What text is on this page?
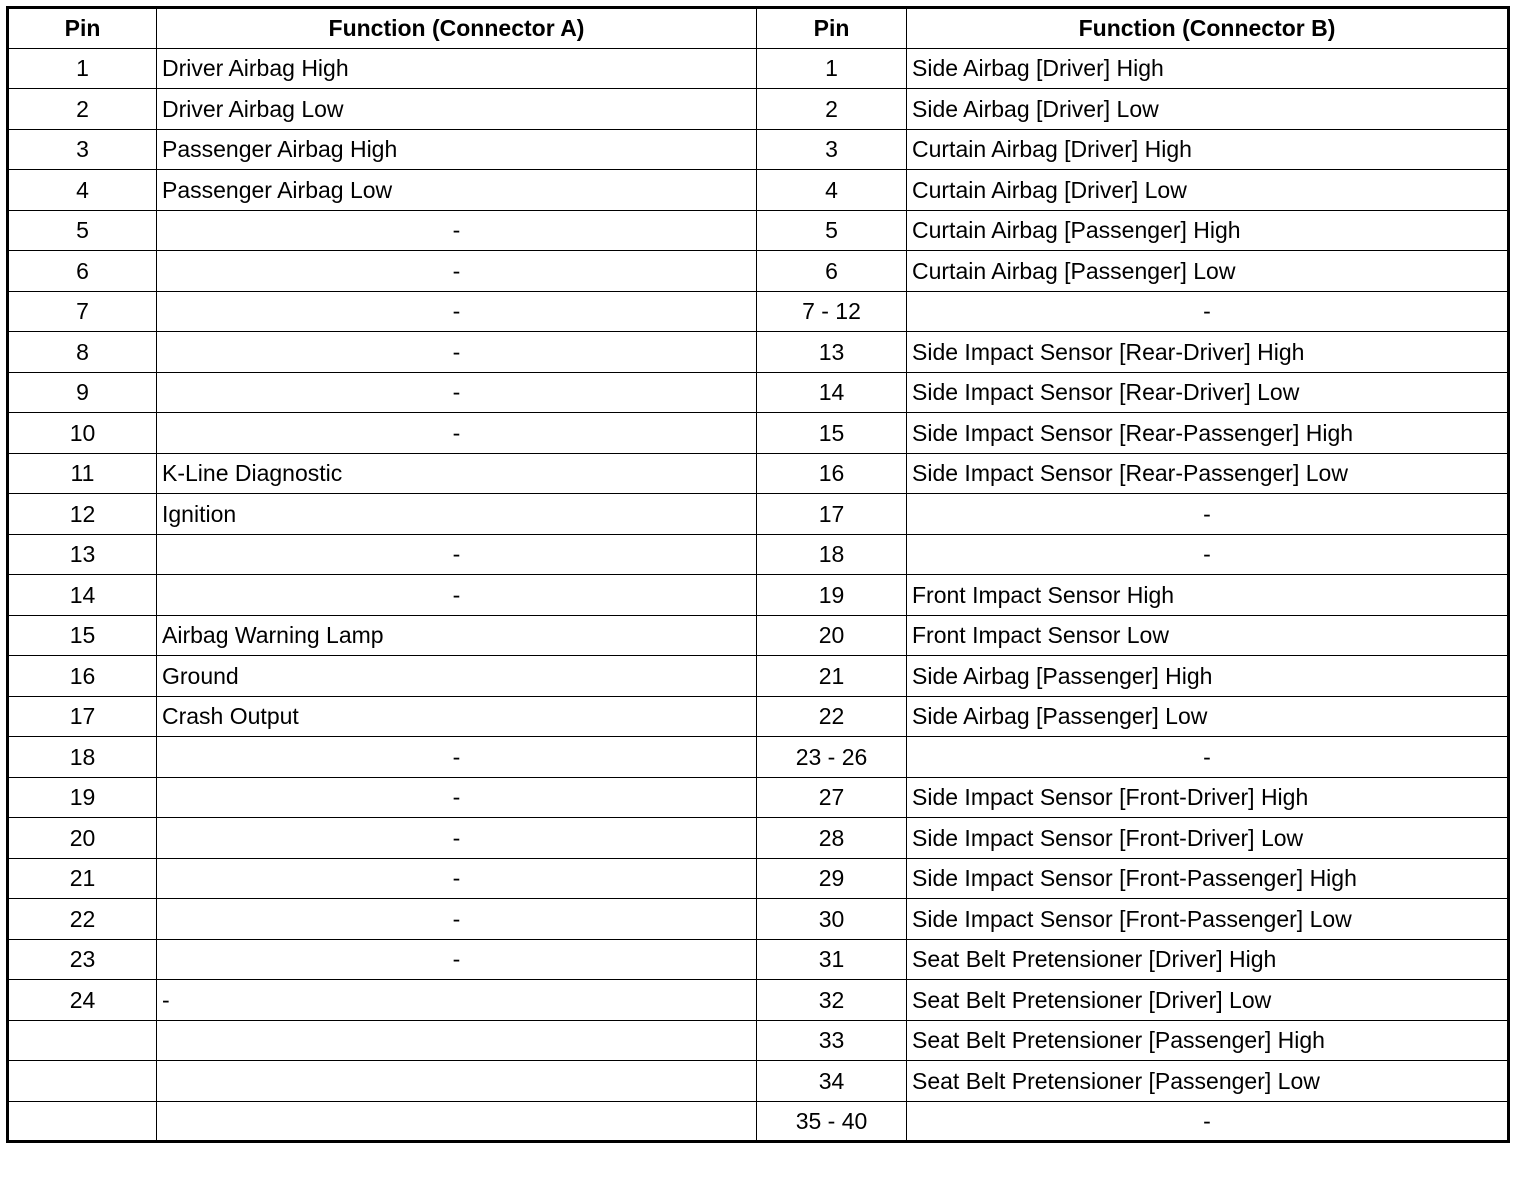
Pin	Function (Connector A)	Pin	Function (Connector B)
1	Driver Airbag High	1	Side Airbag [Driver] High
2	Driver Airbag Low	2	Side Airbag [Driver] Low
3	Passenger Airbag High	3	Curtain Airbag [Driver] High
4	Passenger Airbag Low	4	Curtain Airbag [Driver] Low
5	-	5	Curtain Airbag [Passenger] High
6	-	6	Curtain Airbag [Passenger] Low
7	-	7 - 12	-
8	-	13	Side Impact Sensor [Rear-Driver] High
9	-	14	Side Impact Sensor [Rear-Driver] Low
10	-	15	Side Impact Sensor [Rear-Passenger] High
11	K-Line Diagnostic	16	Side Impact Sensor [Rear-Passenger] Low
12	Ignition	17	-
13	-	18	-
14	-	19	Front Impact Sensor High
15	Airbag Warning Lamp	20	Front Impact Sensor Low
16	Ground	21	Side Airbag [Passenger] High
17	Crash Output	22	Side Airbag [Passenger] Low
18	-	23 - 26	-
19	-	27	Side Impact Sensor [Front-Driver] High
20	-	28	Side Impact Sensor [Front-Driver] Low
21	-	29	Side Impact Sensor [Front-Passenger] High
22	-	30	Side Impact Sensor [Front-Passenger] Low
23	-	31	Seat Belt Pretensioner [Driver] High
24	-	32	Seat Belt Pretensioner [Driver] Low
		33	Seat Belt Pretensioner [Passenger] High
		34	Seat Belt Pretensioner [Passenger] Low
		35 - 40	-
